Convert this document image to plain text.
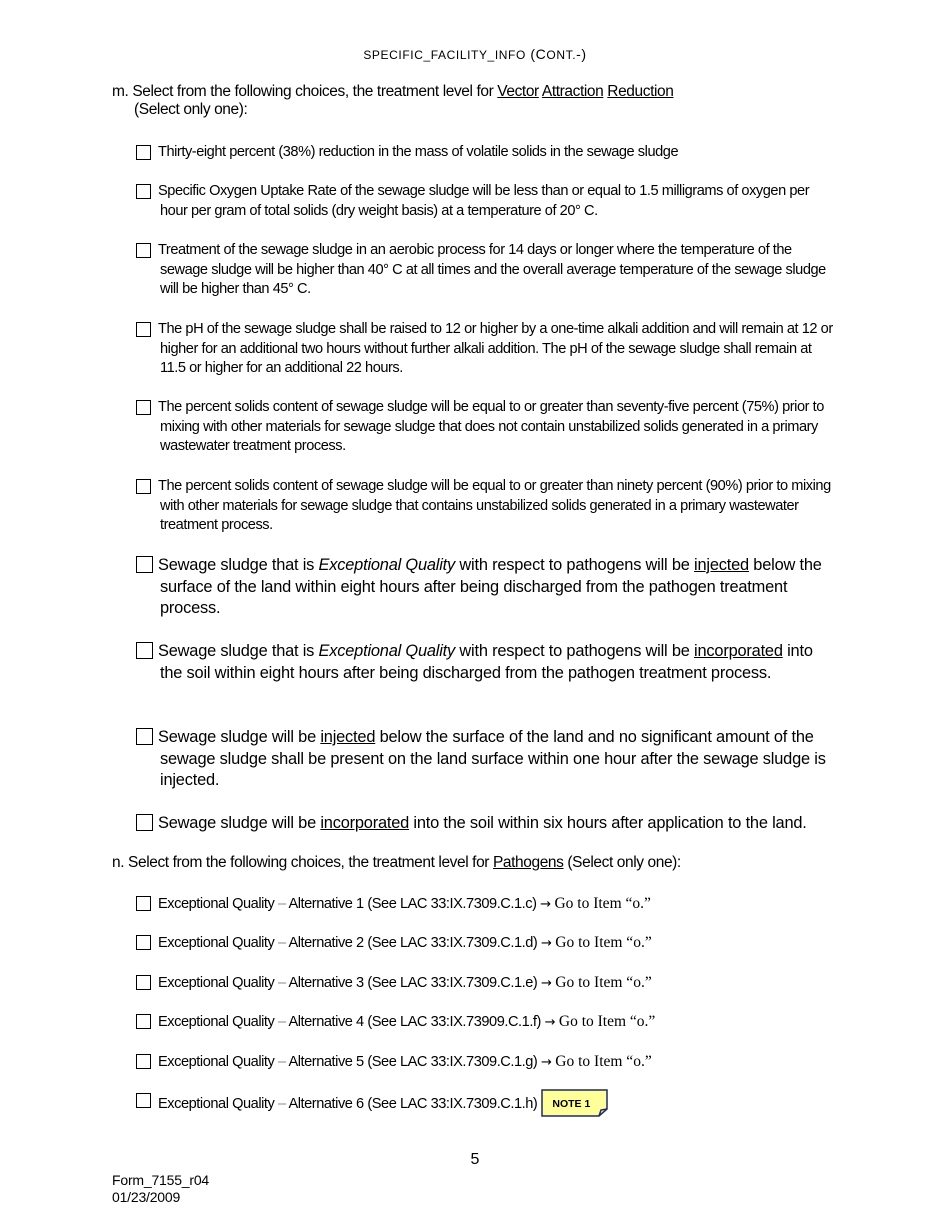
SPECIFIC_FACILITY_INFO (CONT.-)
m. Select from the following choices, the treatment level for Vector Attraction Reduction
(Select only one):
Thirty-eight percent (38%) reduction in the mass of volatile solids in the sewage sludge
Specific Oxygen Uptake Rate of the sewage sludge will be less than or equal to 1.5 milligrams of oxygen per hour per gram of total solids (dry weight basis) at a temperature of 20° C.
Treatment of the sewage sludge in an aerobic process for 14 days or longer where the temperature of the sewage sludge will be higher than 40° C at all times and the overall average temperature of the sewage sludge will be higher than 45° C.
The pH of the sewage sludge shall be raised to 12 or higher by a one-time alkali addition and will remain at 12 or higher for an additional two hours without further alkali addition. The pH of the sewage sludge shall remain at 11.5 or higher for an additional 22 hours.
The percent solids content of sewage sludge will be equal to or greater than seventy-five percent (75%) prior to mixing with other materials for sewage sludge that does not contain unstabilized solids generated in a primary wastewater treatment process.
The percent solids content of sewage sludge will be equal to or greater than ninety percent (90%) prior to mixing with other materials for sewage sludge that contains unstabilized solids generated in a primary wastewater treatment process.
Sewage sludge that is Exceptional Quality with respect to pathogens will be injected below the surface of the land within eight hours after being discharged from the pathogen treatment process.
Sewage sludge that is Exceptional Quality with respect to pathogens will be incorporated into the soil within eight hours after being discharged from the pathogen treatment process.
Sewage sludge will be injected below the surface of the land and no significant amount of the sewage sludge shall be present on the land surface within one hour after the sewage sludge is injected.
Sewage sludge will be incorporated into the soil within six hours after application to the land.
n. Select from the following choices, the treatment level for Pathogens (Select only one):
Exceptional Quality – Alternative 1 (See LAC 33:IX.7309.C.1.c) → Go to Item “o.”
Exceptional Quality – Alternative 2 (See LAC 33:IX.7309.C.1.d) → Go to Item “o.”
Exceptional Quality – Alternative 3 (See LAC 33:IX.7309.C.1.e) → Go to Item “o.”
Exceptional Quality – Alternative 4 (See LAC 33:IX.73909.C.1.f) → Go to Item “o.”
Exceptional Quality – Alternative 5 (See LAC 33:IX.7309.C.1.g) → Go to Item “o.”
Exceptional Quality – Alternative 6 (See LAC 33:IX.7309.C.1.h)	NOTE 1
5
Form_7155_r04
01/23/2009
